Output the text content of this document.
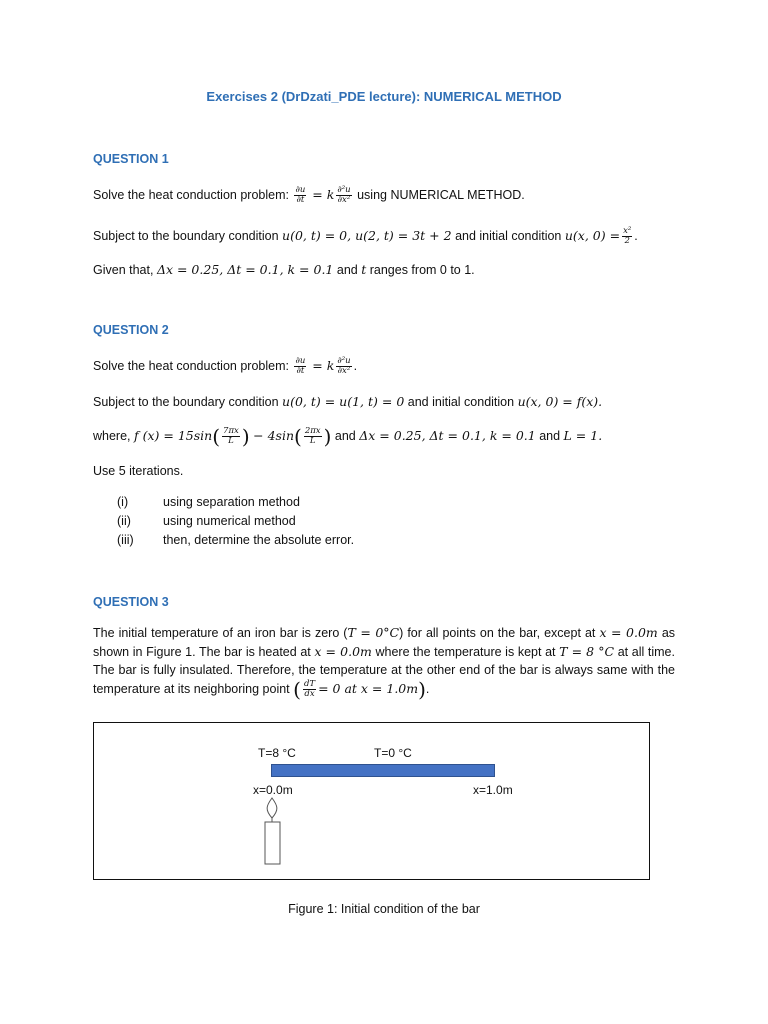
Exercises 2 (DrDzati_PDE lecture): NUMERICAL METHOD
QUESTION 1
Solve the heat conduction problem: $\frac{\partial u}{\partial t} = k \frac{\text{∂²u}}{\text{∂x²}}$ using NUMERICAL METHOD.
Subject to the boundary condition u(0, t) = 0, u(2, t) = 3t + 2 and initial condition u(x, $0) = \frac{\text{x²}}{2}$ .
Given that, Δx = 0.25, Δt = 0.1, k = 0.1 and t ranges from 0 to 1.
QUESTION 2
Solve the heat conduction problem: $\frac{\partial u}{\partial t} = k \frac{\text{∂²u}}{\text{∂x²}}$ .
Subject to the boundary condition u(0, t) = u(1, t) = 0 and initial condition u(x, 0) = f(x).
where, f $(x) = 15\sin( \frac{7\pi x}{L}$ ) − $4\sin( \frac{2\pi x}{L}$ ) and Δx = 0.25, Δt = 0.1, k = 0.1 and L = 1.
Use 5 iterations.
(i)	using separation method
(ii)	using numerical method
(iii) then, determine the absolute error.
QUESTION 3
The initial temperature of an iron bar is zero (T = 0°C) for all points on the bar, except at x = 0.0m as shown in Figure 1. The bar is heated at x = 0.0m where the temperature is kept at T = 8 °C at all time. The bar is fully insulated. Therefore, the temperature at the other end of the bar is always same with the temperature at its neighboring point ( $\frac{dT}{dx} = 0$ at x = 1.0m).
T=8 °C	T=0 °C
x=0.0m	x=1.0m
Figure 1: Initial condition of the bar
